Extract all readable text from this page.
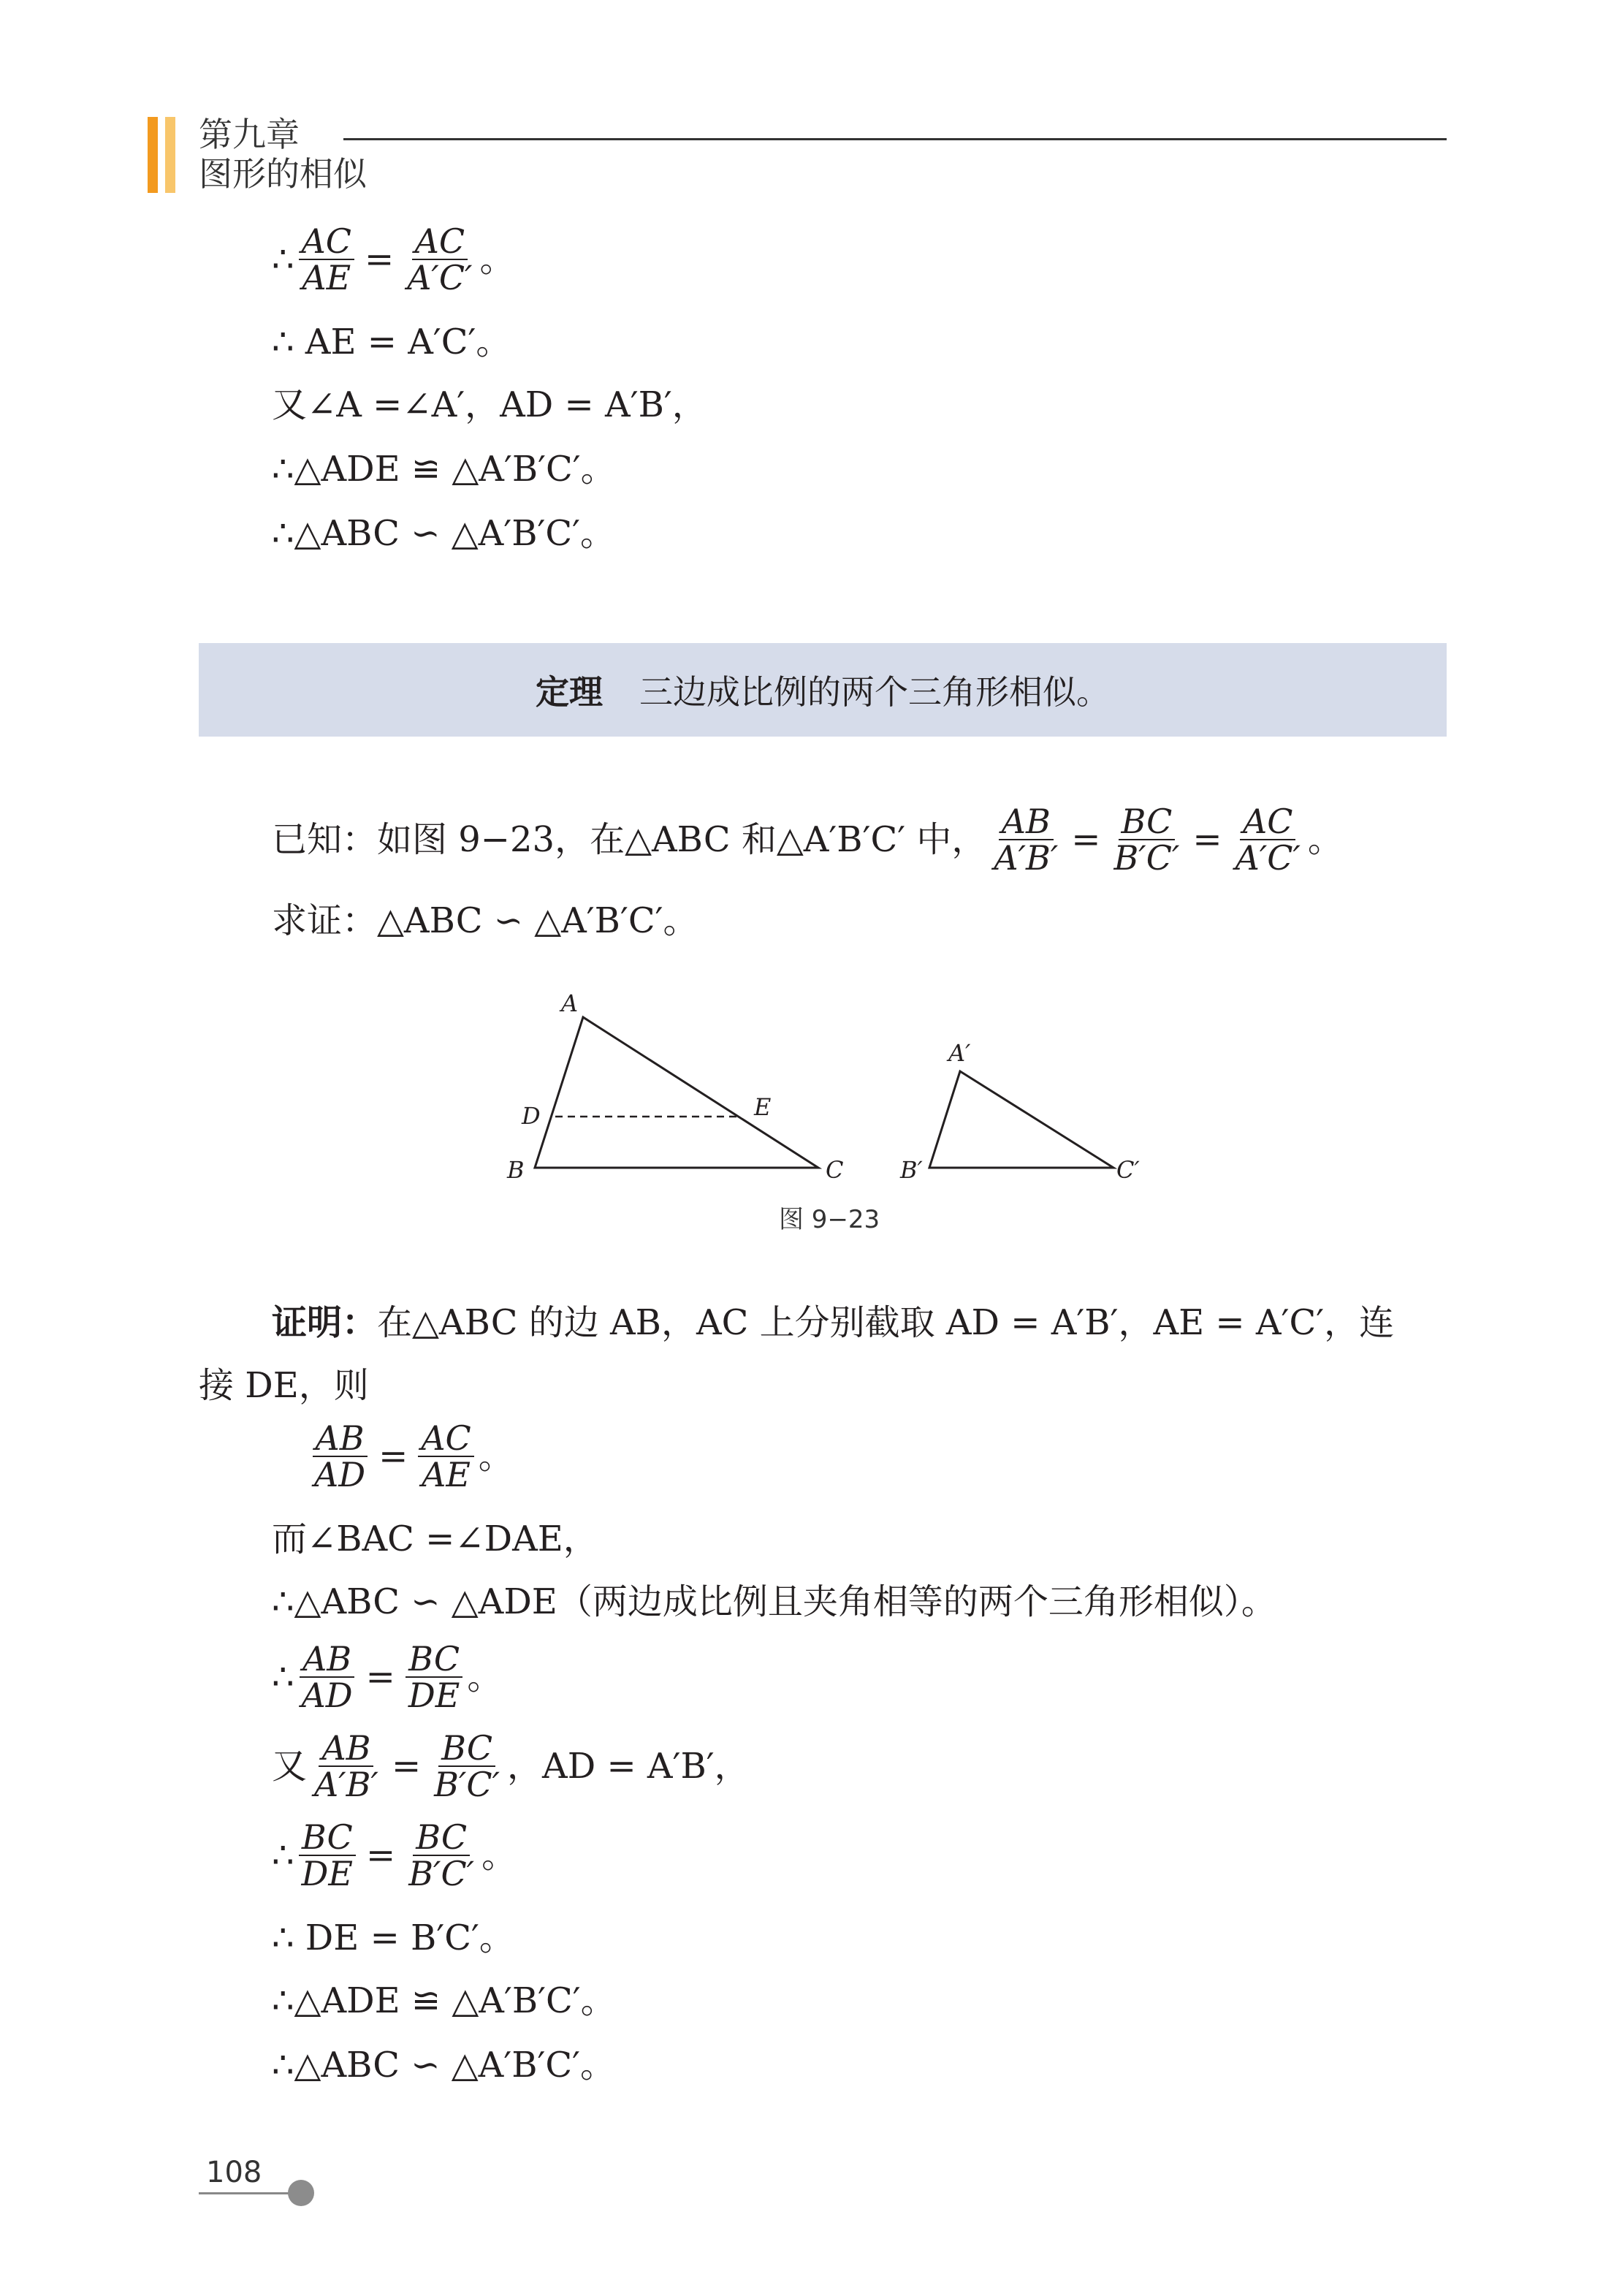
第九章
图形的相似
∴ $\frac{AC}{AE} = \frac{AC}{A'C'}$ 。
∴ AE = A′C′。
又∠A =∠A′，AD = A′B′，
∴△ADE ≌ △A′B′C′。
∴△ABC ∽ △A′B′C′。
定理 三边成比例的两个三角形相似。
已知：如图 9−23，在△ABC 和△A′B′C′ 中， $\frac{AB}{A'B'} = \frac{BC}{B'C'} = \frac{AC}{A'C'}$ 。
求证：△ABC ∽ △A′B′C′。
A
D	E
B	C
A′
B′	C′
图 9−23
证明： 在△ABC 的边 AB，AC 上分别截取 AD = A′B′，AE = A′C′，连
接 DE，则
$\frac{AB}{AD} = \frac{AC}{AE}$ 。
而∠BAC =∠DAE，
∴△ABC ∽ △ADE（两边成比例且夹角相等的两个三角形相似）。
∴ $\frac{AB}{AD} = \frac{BC}{DE}$ 。
又 $\frac{AB}{A'B'} = \frac{BC}{B'C'}$ ，AD = A′B′，
∴ $\frac{BC}{DE} = \frac{BC}{B'C'}$ 。
∴ DE = B′C′。
∴△ADE ≌ △A′B′C′。
∴△ABC ∽ △A′B′C′。
108
